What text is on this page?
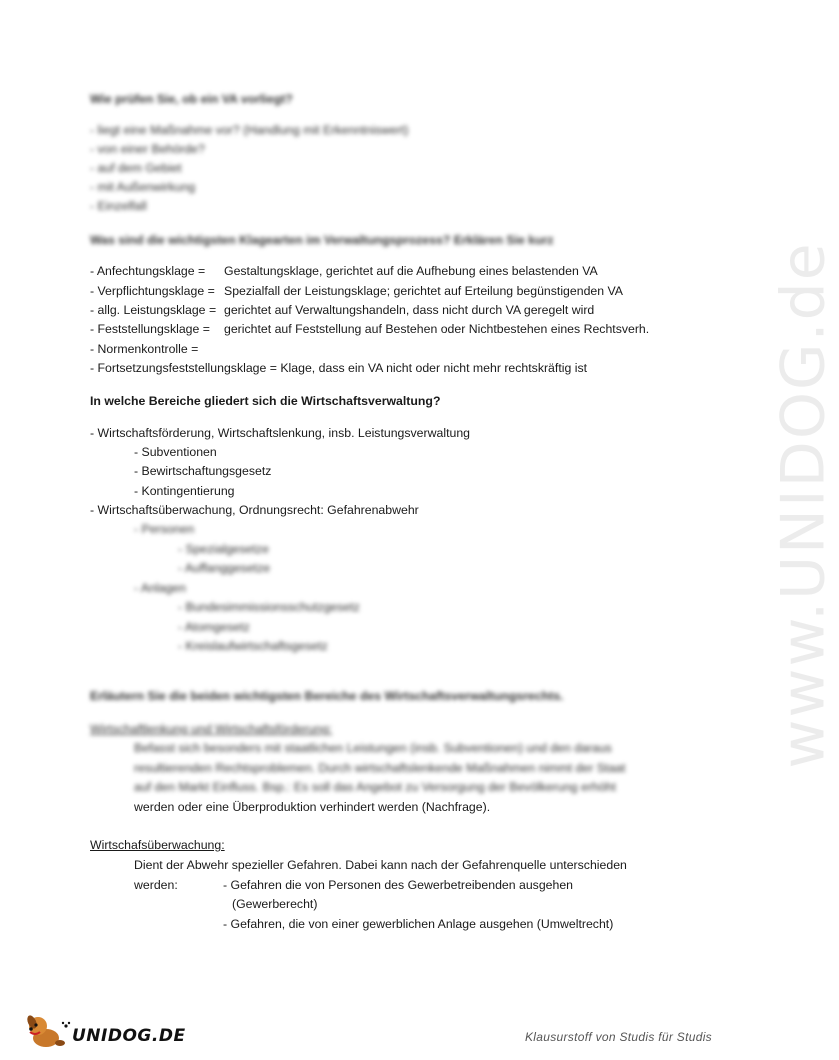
www.UNIDOG.de
Wie prüfen Sie, ob ein VA vorliegt?
- liegt eine Maßnahme vor? (Handlung mit Erkenntniswert)
- von einer Behörde?
- auf dem Gebiet
- mit Außenwirkung
- Einzelfall
Was sind die wichtigsten Klagearten im Verwaltungsprozess? Erklären Sie kurz
- Anfechtungsklage = Gestaltungsklage, gerichtet auf die Aufhebung eines belastenden VA
- Verpflichtungsklage = Spezialfall der Leistungsklage; gerichtet auf Erteilung begünstigenden VA
- allg. Leistungsklage = gerichtet auf Verwaltungshandeln, dass nicht durch VA geregelt wird
- Feststellungsklage = gerichtet auf Feststellung auf Bestehen oder Nichtbestehen eines Rechtsverh.
- Normenkontrolle =
- Fortsetzungsfeststellungsklage = Klage, dass ein VA nicht oder nicht mehr rechtskräftig ist
In welche Bereiche gliedert sich die Wirtschaftsverwaltung?
- Wirtschaftsförderung, Wirtschaftslenkung, insb. Leistungsverwaltung
- Subventionen
- Bewirtschaftungsgesetz
- Kontingentierung
- Wirtschaftsüberwachung, Ordnungsrecht: Gefahrenabwehr
- Personen
- Spezialgesetze
- Auffanggesetze
- Anlagen
- Bundesimmissionsschutzgesetz
- Atomgesetz
- Kreislaufwirtschaftsgesetz
Erläutern Sie die beiden wichtigsten Bereiche des Wirtschaftsverwaltungsrechts.
Wirtschaftlenkung und Wirtschaftsförderung:
Befasst sich besonders mit staatlichen Leistungen (insb. Subventionen) und den daraus
resultierenden Rechtsproblemen. Durch wirtschaftslenkende Maßnahmen nimmt der Staat
auf den Markt Einfluss. Bsp.: Es soll das Angebot zu Versorgung der Bevölkerung erhöht
werden oder eine Überproduktion verhindert werden (Nachfrage).
Wirtschafsüberwachung:
Dient der Abwehr spezieller Gefahren. Dabei kann nach der Gefahrenquelle unterschieden
werden:	- Gefahren die von Personen des Gewerbetreibenden ausgehen
(Gewerberecht)
- Gefahren, die von einer gewerblichen Anlage ausgehen (Umweltrecht)
UNIDOG.DE	Klausurstoff von Studis für Studis
